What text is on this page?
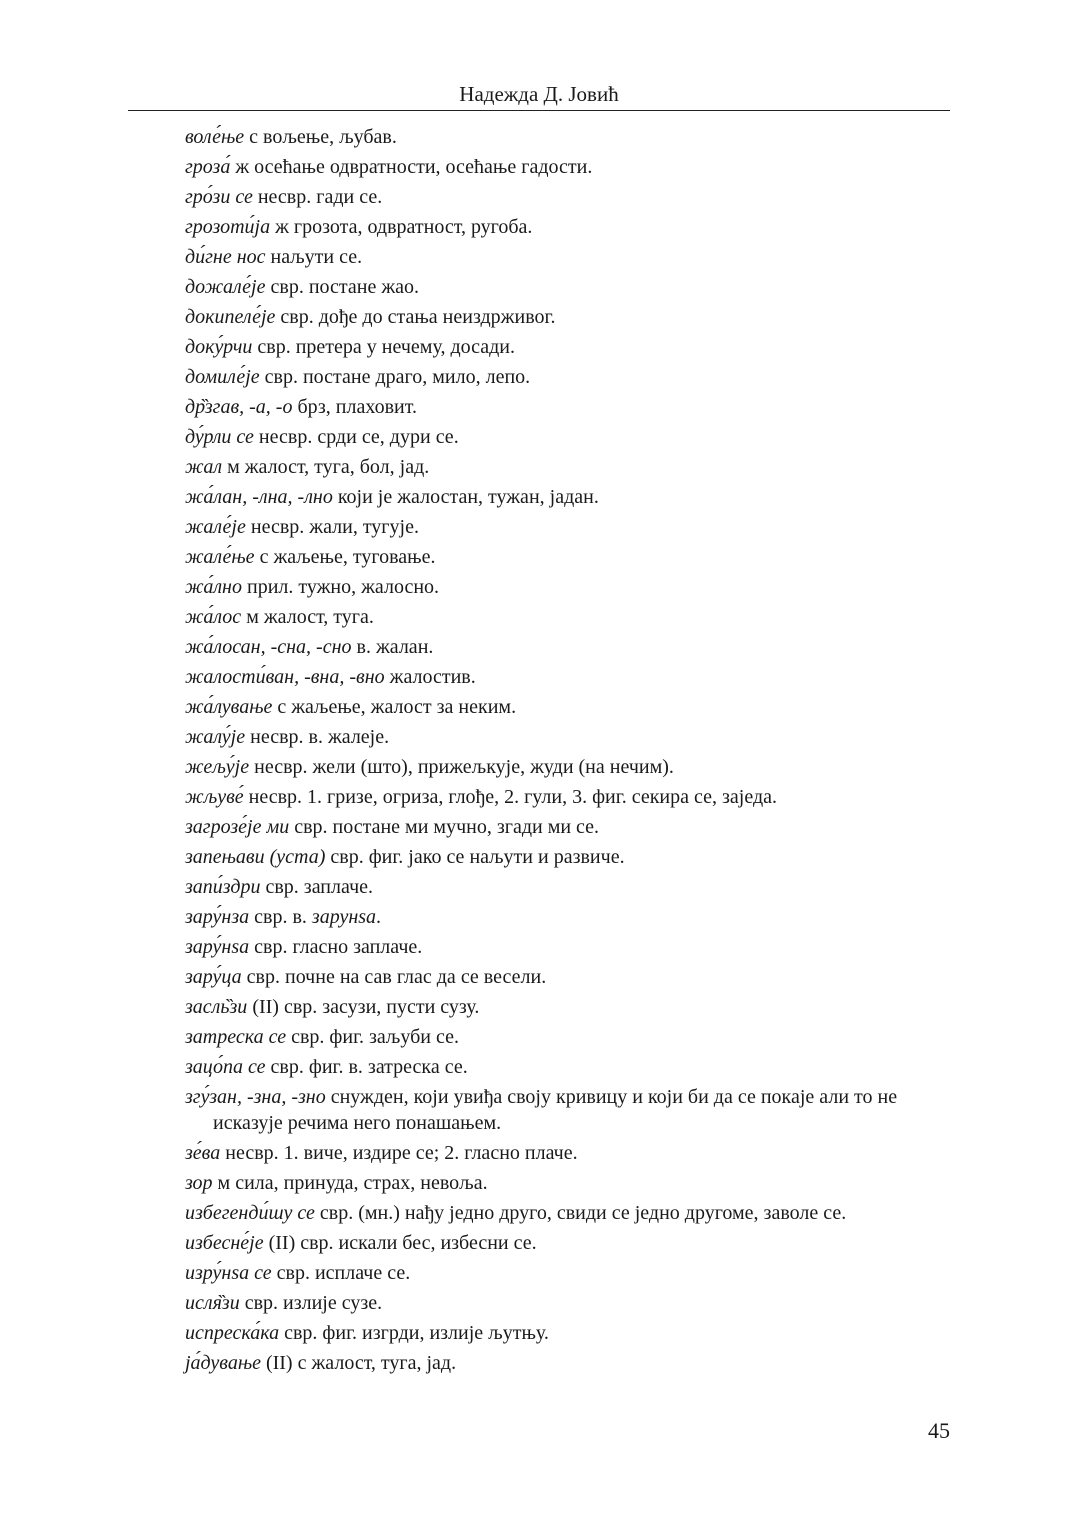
Надежда Д. Јовић

воле́ње с вољење, љубав.

гроза́ ж осећање одвратности, осећање гадости.

гро́зи се несвр. гади се.

грозоти́ја ж грозота, одвратност, ругоба.

ди́гне нос наљути се.

дожале́је свр. постане жао.

докипеле́је свр. дође до стања неиздрживог.

доку́рчи свр. претера у нечему, досади.

домиле́је свр. постане драго, мило, лепо.

др̏згав, -а, -о брз, плаховит.

ду́рли се несвр. срди се, дури се.

жал м жалост, туга, бол, јад.

жа́лан, -лна, -лно који је жалостан, тужан, јадан.

жале́је несвр. жали, тугује.

жале́ње с жаљење, туговање.

жа́лно прил. тужно, жалосно.

жа́лос м жалост, туга.

жа́лосан, -сна, -сно в. жалан.

жалости́ван, -вна, -вно жалостив.

жа́лување с жаљење, жалост за неким.

жалу́је несвр. в. жалеје.

жељу́је несвр. жели (што), прижељкује, жуди (на нечим).

жљуве́ несвр. 1. гризе, огриза, глође, 2. гули, 3. фиг. секира се, заједа.

загрозе́је ми свр. постане ми мучно, згади ми се.

запењави (уста) свр. фиг. јако се наљути и развиче.

запи́здри свр. заплаче.

зару́нза свр. в. зарунѕа.

зару́нѕа свр. гласно заплаче.

зару́ца свр. почне на сав глас да се весели.

засль̏зи (II) свр. засузи, пусти сузу.

затреска се свр. фиг. заљуби се.

зацо́па се свр. фиг. в. затреска се.

згу́зан, -зна, -зно снужден, који увиђа своју кривицу и који би да се покаје али то не исказује речима него понашањем.

зе́ва несвр. 1. виче, издире се; 2. гласно плаче.

зор м сила, принуда, страх, невоља.

избегенди́шу се свр. (мн.) нађу једно друго, свиди се једно другоме, заволе се.

избесне́је (II) свр. искали бес, избесни се.

изру́нѕа се свр. исплаче се.

исля̏зи свр. излије сузе.

испреска́ка свр. фиг. изгрди, излије љутњу.

ја́дување (II) с жалост, туга, јад.

45
